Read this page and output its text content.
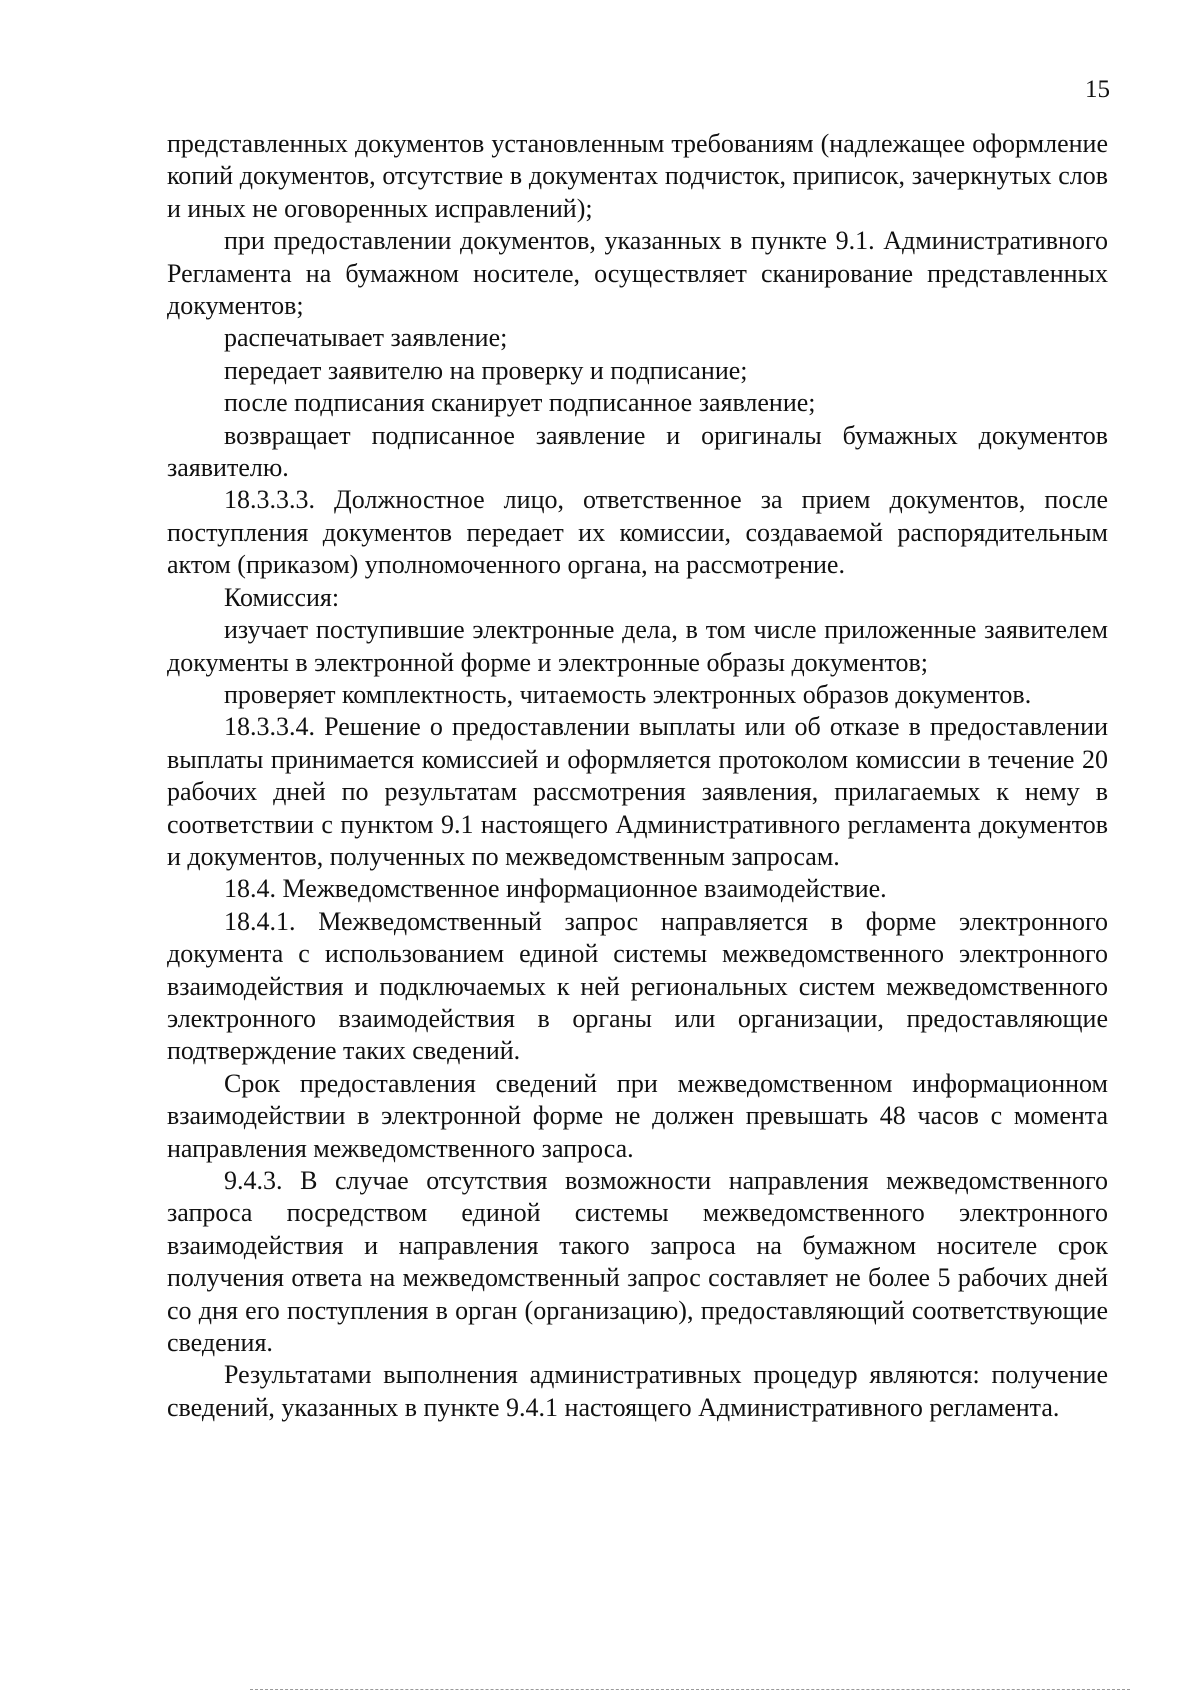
15

представленных документов установленным требованиям (надлежащее оформление копий документов, отсутствие в документах подчисток, приписок, зачеркнутых слов и иных не оговоренных исправлений);

при предоставлении документов, указанных в пункте 9.1. Административного Регламента на бумажном носителе, осуществляет сканирование представленных документов;

распечатывает заявление;

передает заявителю на проверку и подписание;

после подписания сканирует подписанное заявление;

возвращает подписанное заявление и оригиналы бумажных документов заявителю.

18.3.3.3. Должностное лицо, ответственное за прием документов, после поступления документов передает их комиссии, создаваемой распорядительным актом (приказом) уполномоченного органа, на рассмотрение.

Комиссия:

изучает поступившие электронные дела, в том числе приложенные заявителем документы в электронной форме и электронные образы документов;

проверяет комплектность, читаемость электронных образов документов.

18.3.3.4. Решение о предоставлении выплаты или об отказе в предоставлении выплаты принимается комиссией и оформляется протоколом комиссии в течение 20 рабочих дней по результатам рассмотрения заявления, прилагаемых к нему в соответствии с пунктом 9.1 настоящего Административного регламента документов и документов, полученных по межведомственным запросам.

18.4. Межведомственное информационное взаимодействие.

18.4.1. Межведомственный запрос направляется в форме электронного документа с использованием единой системы межведомственного электронного взаимодействия и подключаемых к ней региональных систем межведомственного электронного взаимодействия в органы или организации, предоставляющие подтверждение таких сведений.

Срок предоставления сведений при межведомственном информационном взаимодействии в электронной форме не должен превышать 48 часов с момента направления межведомственного запроса.

9.4.3. В случае отсутствия возможности направления межведомственного запроса посредством единой системы межведомственного электронного взаимодействия и направления такого запроса на бумажном носителе срок получения ответа на межведомственный запрос составляет не более 5 рабочих дней со дня его поступления в орган (организацию), предоставляющий соответствующие сведения.

Результатами выполнения административных процедур являются: получение сведений, указанных в пункте 9.4.1 настоящего Административного регламента.
